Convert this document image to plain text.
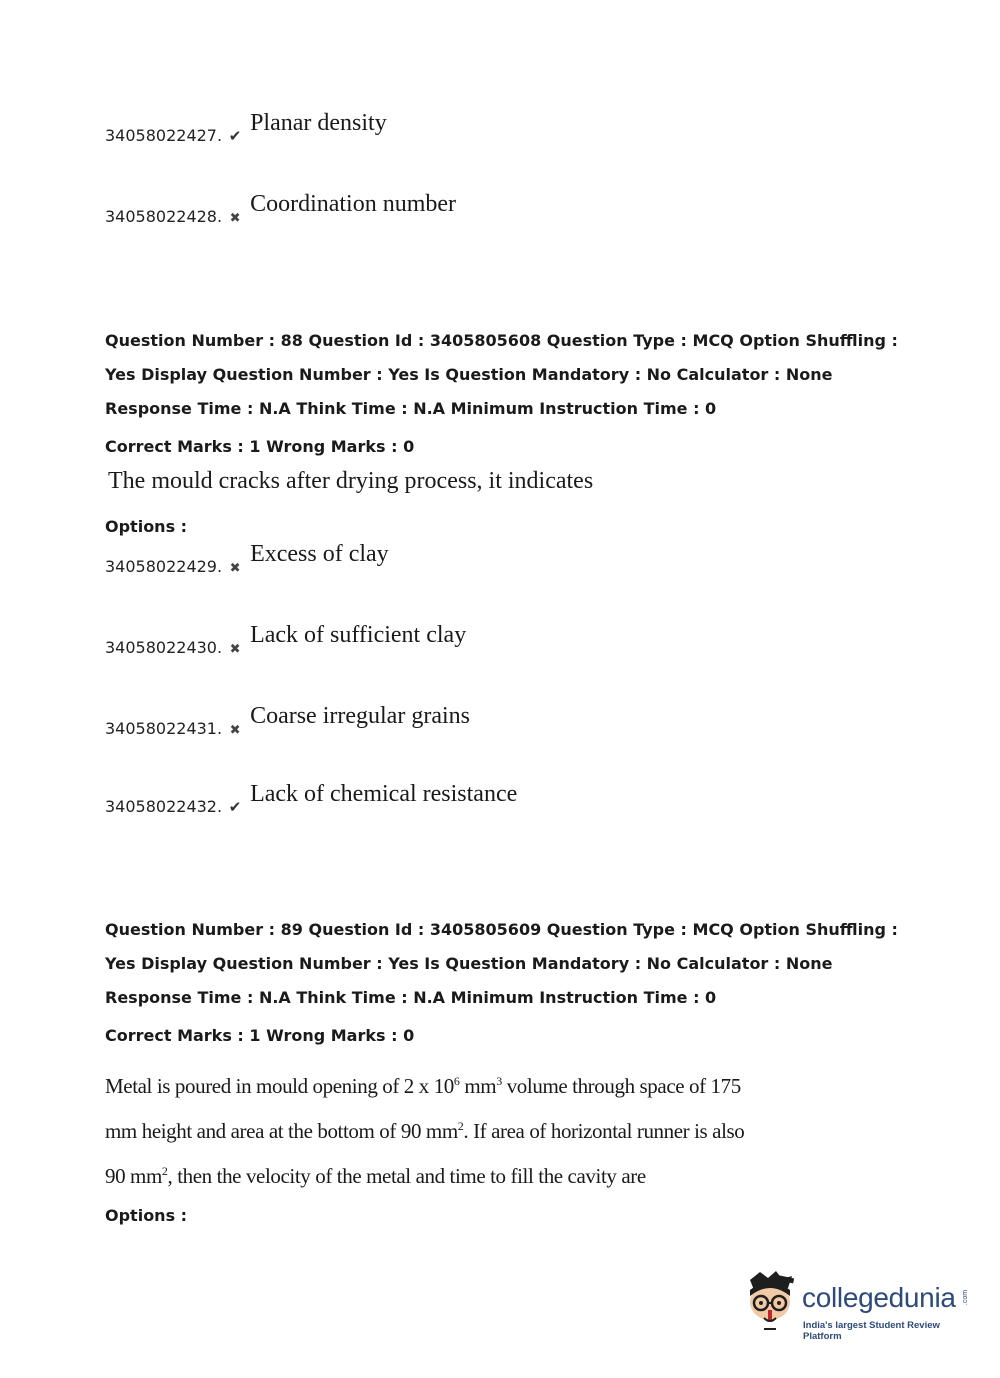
34058022427. ✔ Planar density
34058022428. ✖
Coordination number
Question Number : 88 Question Id : 3405805608 Question Type : MCQ Option Shuffling : Yes Display Question Number : Yes Is Question Mandatory : No Calculator : None Response Time : N.A Think Time : N.A Minimum Instruction Time : 0
Correct Marks : 1 Wrong Marks : 0
The mould cracks after drying process, it indicates
Options :
34058022429. ✖
Excess of clay
34058022430. ✖
Lack of sufficient clay
34058022431. ✖
Coarse irregular grains
34058022432. ✔ Lack of chemical resistance
Question Number : 89 Question Id : 3405805609 Question Type : MCQ Option Shuffling : Yes Display Question Number : Yes Is Question Mandatory : No Calculator : None Response Time : N.A Think Time : N.A Minimum Instruction Time : 0
Correct Marks : 1 Wrong Marks : 0
Metal is poured in mould opening of 2 x $10^6$ $mm^3$ volume through space of 175 mm height and area at the bottom of 90 $mm^2$. If area of horizontal runner is also 90 $mm^2$, then the velocity of the metal and time to fill the cavity are
Options :
collegedunia .com
India's largest Student Review Platform
